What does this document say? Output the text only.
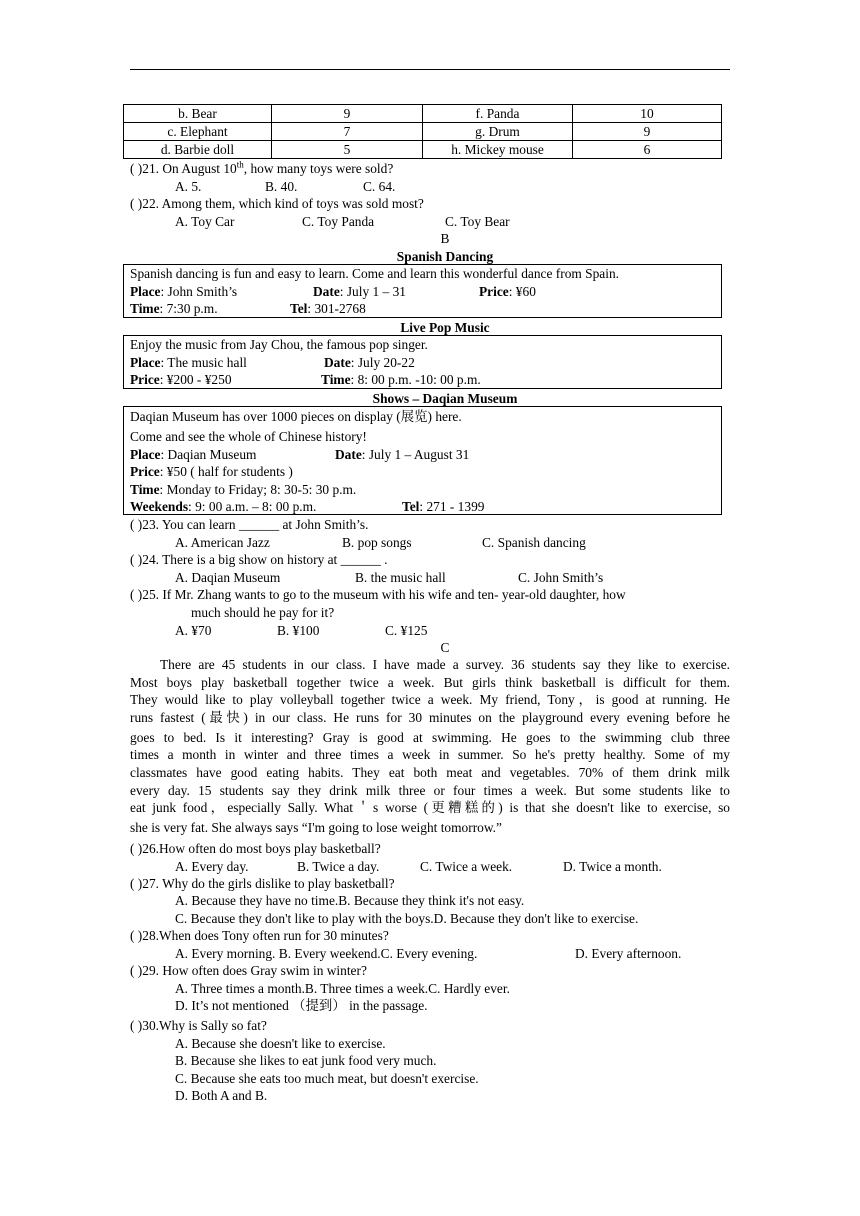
b. Bear	9	f. Panda	10
c. Elephant	7	g. Drum	9
d. Barbie doll	5	h. Mickey mouse	6
( )21. On August 10th, how many toys were sold?
A. 5.	B. 40.	C. 64.
( )22. Among them, which kind of toys was sold most?
A. Toy Car	C. Toy Panda	C. Toy Bear
B
Spanish Dancing
Spanish dancing is fun and easy to learn. Come and learn this wonderful dance from Spain.
Place: John Smith’s	Date: July 1 – 31	Price: ¥60
Time: 7:30 p.m.	Tel: 301-2768
Live Pop Music
Enjoy the music from Jay Chou, the famous pop singer.
Place: The music hall	Date: July 20-22
Price: ¥200 - ¥250	Time: 8: 00 p.m. -10: 00 p.m.
Shows – Daqian Museum
Daqian Museum has over 1000 pieces on display (展览) here.
Come and see the whole of Chinese history!
Place: Daqian Museum	Date: July 1 – August 31
Price: ¥50 ( half for students )
Time: Monday to Friday; 8: 30-5: 30 p.m.
Weekends: 9: 00 a.m. – 8: 00 p.m.	Tel: 271 - 1399
( )23. You can learn ______ at John Smith’s.
A. American Jazz	B. pop songs	C. Spanish dancing
( )24. There is a big show on history at ______ .
A. Daqian Museum	B. the music hall	C. John Smith’s
( )25. If Mr. Zhang wants to go to the museum with his wife and ten- year-old daughter, how
much should he pay for it?
A. ¥70	B. ¥100	C. ¥125
C
There are 45 students in our class. I have made a survey. 36 students say they like to exercise.
Most boys play basketball together twice a week. But girls think basketball is difficult for them.
They would like to play volleyball together twice a week. My friend, Tony，is good at running. He
runs fastest (最快) in our class. He runs for 30 minutes on the playground every evening before he
goes to bed. Is it interesting? Gray is good at swimming. He goes to the swimming club three
times a month in winter and three times a week in summer. So he's pretty healthy. Some of my
classmates have good eating habits. They eat both meat and vegetables. 70% of them drink milk
every day. 15 students say they drink milk three or four times a week. But some students like to
eat junk food，especially Sally. What＇s worse (更糟糕的) is that she doesn't like to exercise, so
she is very fat. She always says “I'm going to lose weight tomorrow.”
( )26.How often do most boys play basketball?
A. Every day.	B. Twice a day.	C. Twice a week.	D. Twice a month.
( )27. Why do the girls dislike to play basketball?
A. Because they have no time.B. Because they think it's not easy.
C. Because they don't like to play with the boys.D. Because they don't like to exercise.
( )28.When does Tony often run for 30 minutes?
A. Every morning. B. Every weekend.C. Every evening.	D. Every afternoon.
( )29. How often does Gray swim in winter?
A. Three times a month.B. Three times a week.C. Hardly ever.
D. It’s not mentioned （提到） in the passage.
( )30.Why is Sally so fat?
A. Because she doesn't like to exercise.
B. Because she likes to eat junk food very much.
C. Because she eats too much meat, but doesn't exercise.
D. Both A and B.
